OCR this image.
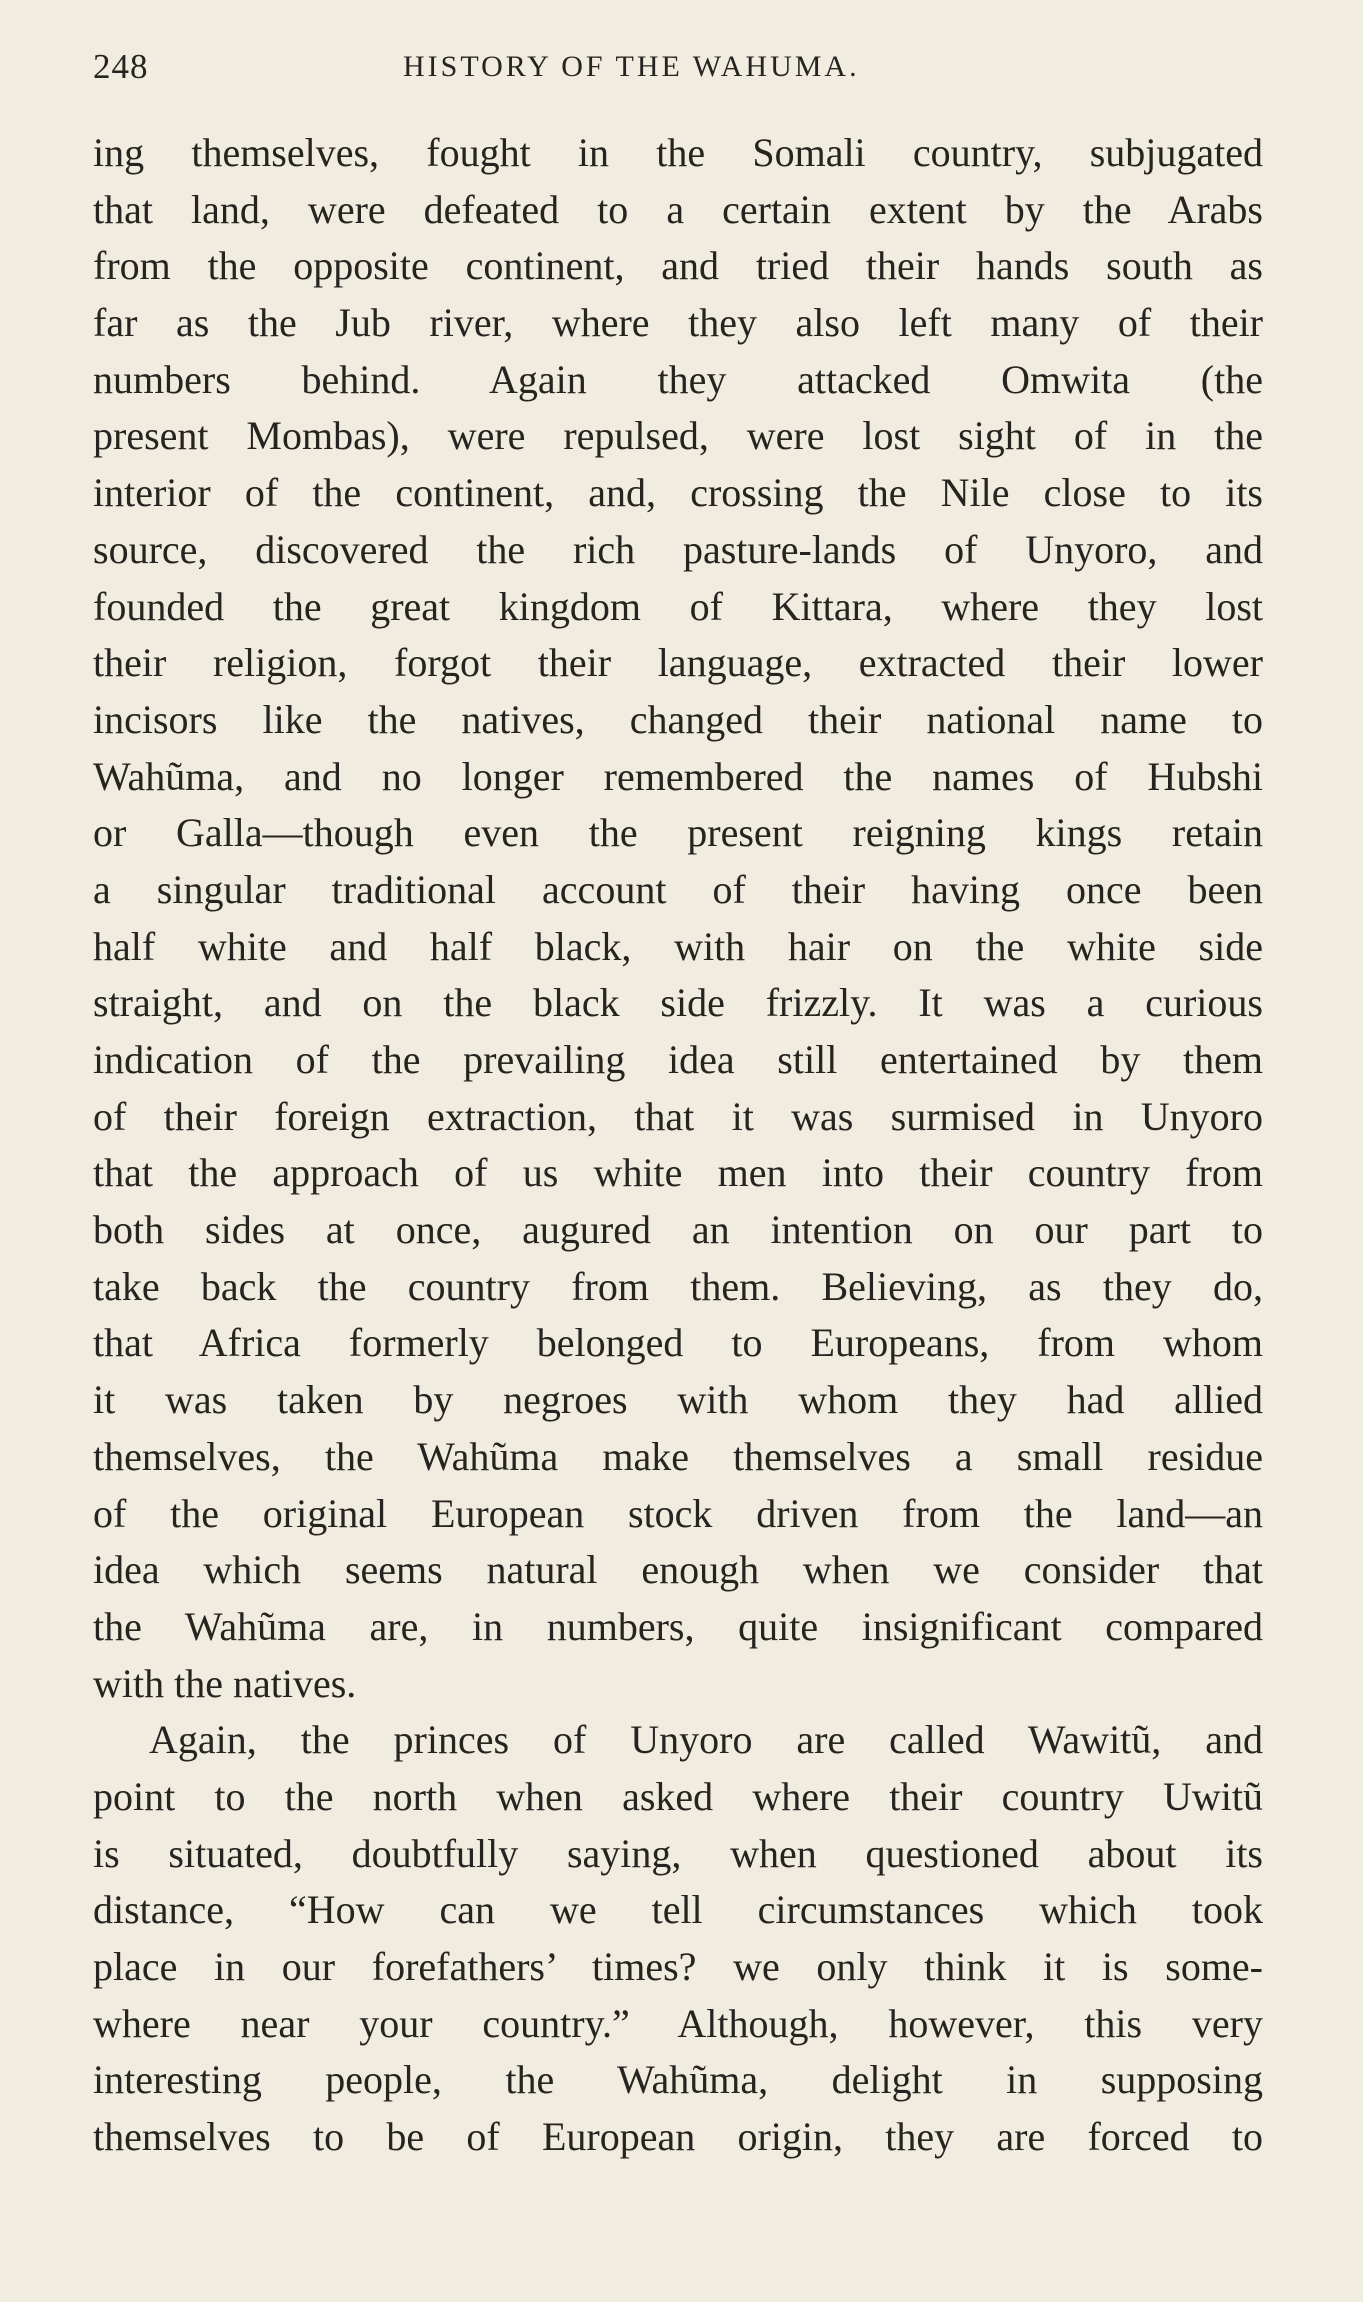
248	HISTORY OF THE WAHUMA.
ing themselves, fought in the Somali country, subjugated
that land, were defeated to a certain extent by the Arabs
from the opposite continent, and tried their hands south as
far as the Jub river, where they also left many of their
numbers behind. Again they attacked Omwita (the
present Mombas), were repulsed, were lost sight of in the
interior of the continent, and, crossing the Nile close to its
source, discovered the rich pasture-lands of Unyoro, and
founded the great kingdom of Kittara, where they lost
their religion, forgot their language, extracted their lower
incisors like the natives, changed their national name to
Wahũma, and no longer remembered the names of Hubshi
or Galla—though even the present reigning kings retain
a singular traditional account of their having once been
half white and half black, with hair on the white side
straight, and on the black side frizzly. It was a curious
indication of the prevailing idea still entertained by them
of their foreign extraction, that it was surmised in Unyoro
that the approach of us white men into their country from
both sides at once, augured an intention on our part to
take back the country from them. Believing, as they do,
that Africa formerly belonged to Europeans, from whom
it was taken by negroes with whom they had allied
themselves, the Wahũma make themselves a small residue
of the original European stock driven from the land—an
idea which seems natural enough when we consider that
the Wahũma are, in numbers, quite insignificant compared
with the natives.
Again, the princes of Unyoro are called Wawitũ, and
point to the north when asked where their country Uwitũ
is situated, doubtfully saying, when questioned about its
distance, “How can we tell circumstances which took
place in our forefathers’ times? we only think it is some-
where near your country.” Although, however, this very
interesting people, the Wahũma, delight in supposing
themselves to be of European origin, they are forced to
